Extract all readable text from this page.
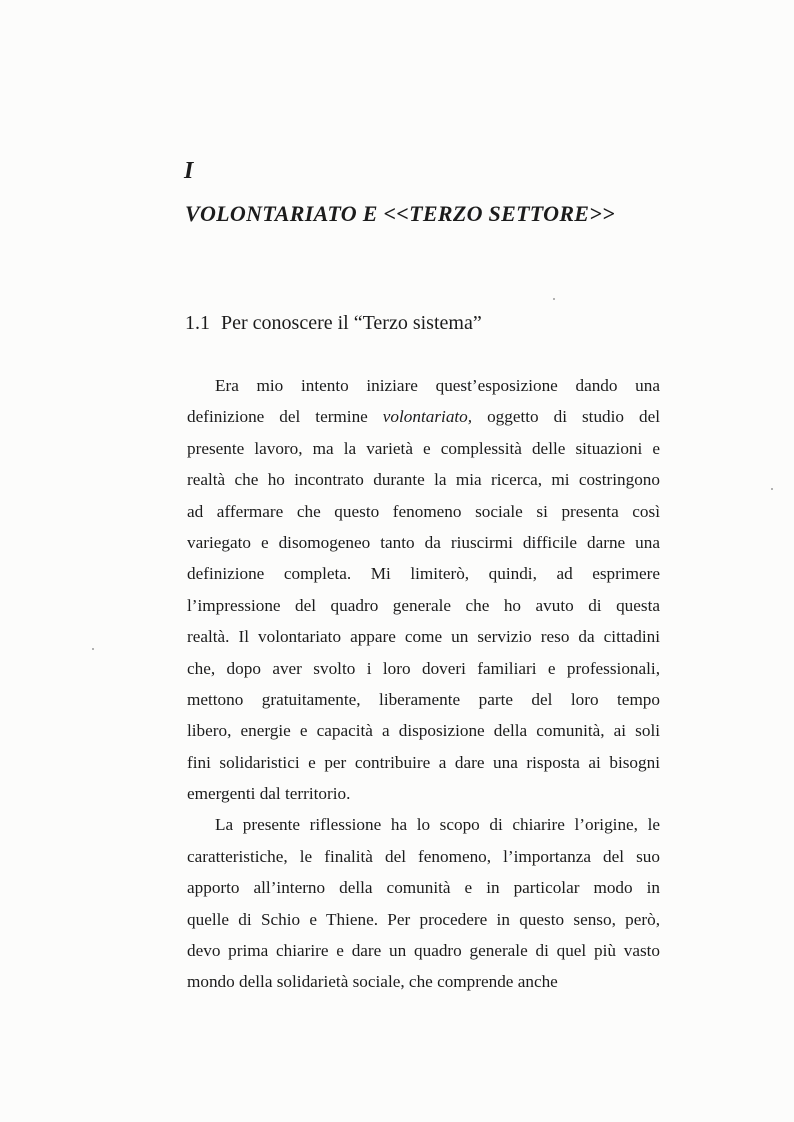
I
VOLONTARIATO E <<TERZO SETTORE>>
1.1 Per conoscere il “Terzo sistema”
Era mio intento iniziare quest’esposizione dando una
definizione del termine volontariato, oggetto di studio del
presente lavoro, ma la varietà e complessità delle situazioni e
realtà che ho incontrato durante la mia ricerca, mi costringono
ad affermare che questo fenomeno sociale si presenta così
variegato e disomogeneo tanto da riuscirmi difficile darne una
definizione completa. Mi limiterò, quindi, ad esprimere
l’impressione del quadro generale che ho avuto di questa
realtà. Il volontariato appare come un servizio reso da cittadini
che, dopo aver svolto i loro doveri familiari e professionali,
mettono gratuitamente, liberamente parte del loro tempo
libero, energie e capacità a disposizione della comunità, ai soli
fini solidaristici e per contribuire a dare una risposta ai bisogni
emergenti dal territorio.
La presente riflessione ha lo scopo di chiarire l’origine, le
caratteristiche, le finalità del fenomeno, l’importanza del suo
apporto all’interno della comunità e in particolar modo in
quelle di Schio e Thiene. Per procedere in questo senso, però,
devo prima chiarire e dare un quadro generale di quel più vasto
mondo della solidarietà sociale, che comprende anche
